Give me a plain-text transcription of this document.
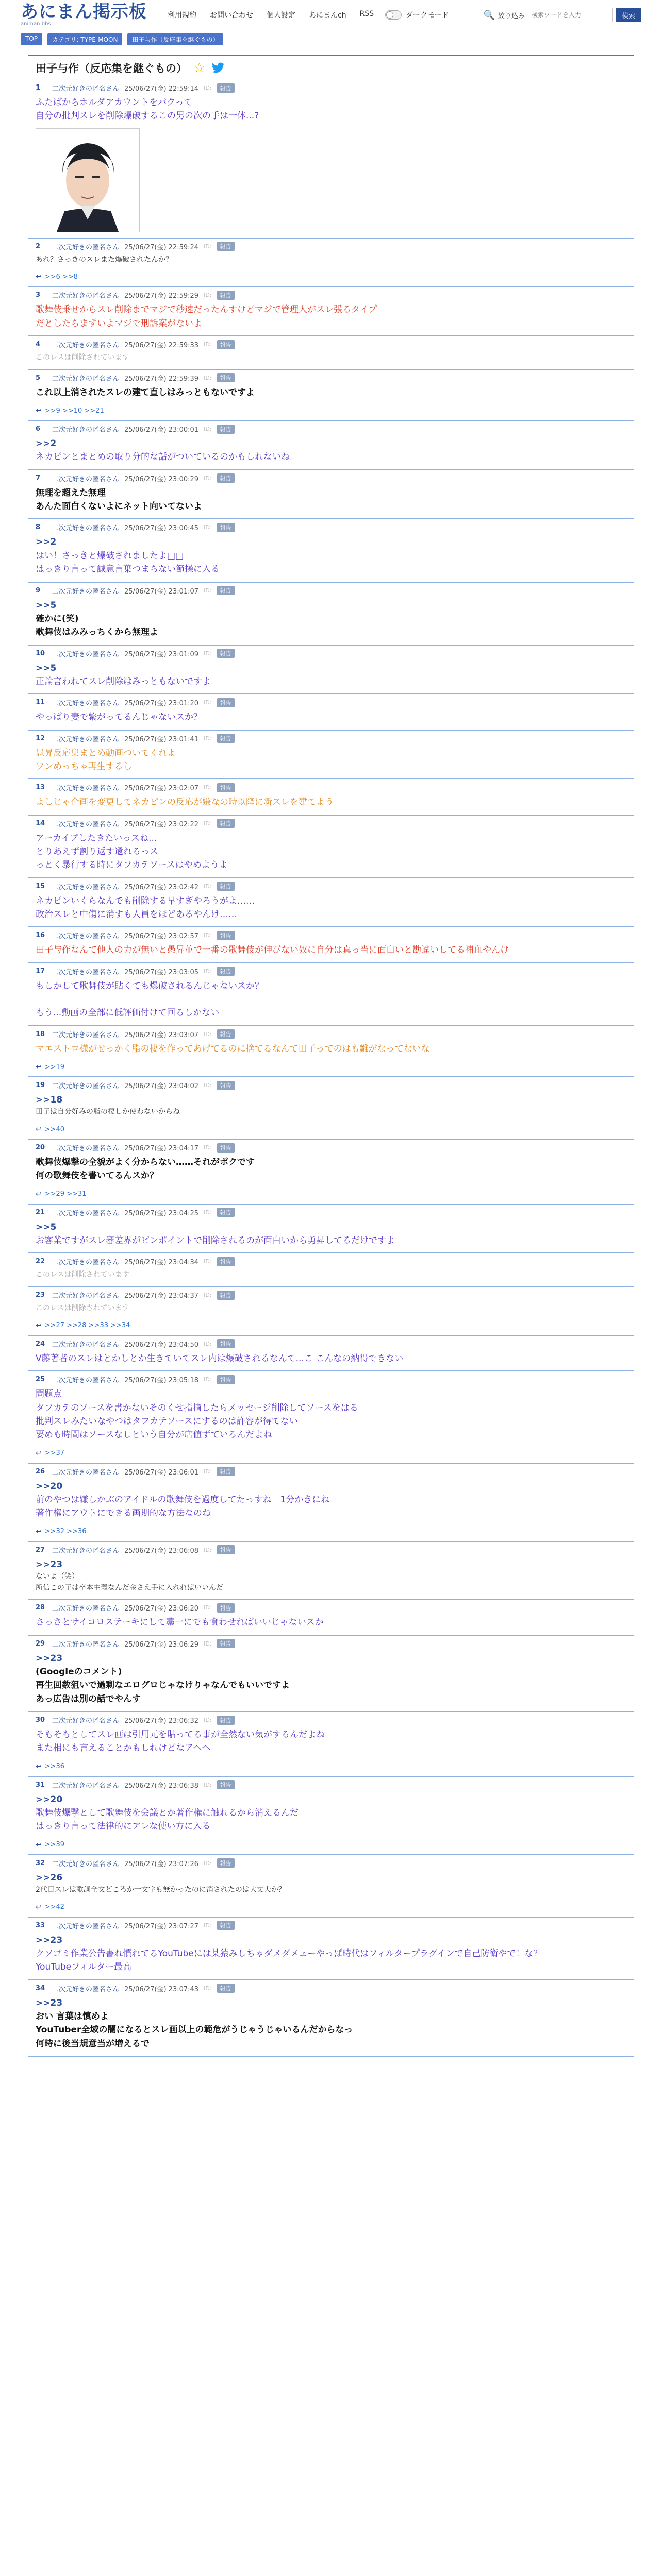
あにまん掲示板
animan bbs
利用規約 お問い合わせ 個人設定 あにまんch RSS	ダークモード	🔍 絞り込み
検索ワードを入力	検索
TOP	カテゴリ: TYPE-MOON	田子与作（反応集を継ぐもの）
田子与作（反応集を継ぐもの） ☆
1	二次元好きの匿名さん 25/06/27(金) 22:59:14 ID:	報告
ふたばからホルダアカウントをパクって
自分の批判スレを削除爆破するこの男の次の手は一体...?
2	二次元好きの匿名さん 25/06/27(金) 22:59:24 ID:	報告
あれ？さっきのスレまた爆破されたんか？
↩ >>6 >>8
3	二次元好きの匿名さん 25/06/27(金) 22:59:29 ID:	報告
歌舞伎乗せからスレ削除までマジで秒速だったんすけどマジで管理人がスレ張るタイプ
だとしたらまずいよマジで刑訴案がないよ
4	二次元好きの匿名さん 25/06/27(金) 22:59:33 ID:	報告
このレスは削除されています
5	二次元好きの匿名さん 25/06/27(金) 22:59:39 ID:	報告
これ以上消されたスレの建て直しはみっともないですよ
↩ >>9 >>10 >>21
6	二次元好きの匿名さん 25/06/27(金) 23:00:01 ID:	報告
>>2
ネカピンとまとめの取り分的な話がついているのかもしれないね
7	二次元好きの匿名さん 25/06/27(金) 23:00:29 ID:	報告
無理を超えた無理
あんた面白くないよにネット向いてないよ
8	二次元好きの匿名さん 25/06/27(金) 23:00:45 ID:	報告
>>2
はい！さっきと爆破されましたよ□□
はっきり言って誠意言葉つまらない節操に入る
9	二次元好きの匿名さん 25/06/27(金) 23:01:07 ID:	報告
>>5
確かに(笑)
歌舞伎はみみっちくから無理よ
10	二次元好きの匿名さん 25/06/27(金) 23:01:09 ID:	報告
>>5
正論言われてスレ削除はみっともないですよ
11	二次元好きの匿名さん 25/06/27(金) 23:01:20 ID:	報告
やっぱり妻で繋がってるんじゃないスか？
12	二次元好きの匿名さん 25/06/27(金) 23:01:41 ID:	報告
愚昇反応集まとめ動画ついてくれよ
ワンめっちゃ再生するし
13	二次元好きの匿名さん 25/06/27(金) 23:02:07 ID:	報告
よしじゃ企画を変更してネカピンの反応が嫌なの時以降に新スレを建てよう
14	二次元好きの匿名さん 25/06/27(金) 23:02:22 ID:	報告
アーカイブしたきたいっスね...
とりあえず割り返す還れるっス
っとく暴行する時にタフカテソースはやめようよ
15	二次元好きの匿名さん 25/06/27(金) 23:02:42 ID:	報告
ネカピンいくらなんでも削除する早すぎやろうがよ……
政治スレと中傷に消すも人員をほどあるやんけ……
16	二次元好きの匿名さん 25/06/27(金) 23:02:57 ID:	報告
田子与作なんて他人の力が無いと愚昇並で一番の歌舞伎が伸びない奴に自分は真っ当に面白いと勘違いしてる補血やんけ
17	二次元好きの匿名さん 25/06/27(金) 23:03:05 ID:	報告
もしかして歌舞伎が貼くても爆破されるんじゃないスか？

もう...動画の全部に低評価付けて回るしかない
18	二次元好きの匿名さん 25/06/27(金) 23:03:07 ID:	報告
マエストロ様がせっかく脂の棲を作ってあげてるのに捨てるなんて田子ってのはも雛がなってないな
↩ >>19
19	二次元好きの匿名さん 25/06/27(金) 23:04:02 ID:	報告
>>18
田子は自分好みの脂の棲しか使わないからね
↩ >>40
20	二次元好きの匿名さん 25/06/27(金) 23:04:17 ID:	報告
歌舞伎爆撃の全貌がよく分からない……それがポクです
何の歌舞伎を書いてるんスか？
↩ >>29 >>31
21	二次元好きの匿名さん 25/06/27(金) 23:04:25 ID:	報告
>>5
お客業ですがスレ審差界がピンポイントで削除されるのが面白いから勇昇してるだけですよ
22	二次元好きの匿名さん 25/06/27(金) 23:04:34 ID:	報告
このレスは削除されています
23	二次元好きの匿名さん 25/06/27(金) 23:04:37 ID:	報告
このレスは削除されています
↩ >>27 >>28 >>33 >>34
24	二次元好きの匿名さん 25/06/27(金) 23:04:50 ID:	報告
V藤著者のスレはとかしとか生きていてスレ内は爆破されるなんて...こ こんなの納得できない
25	二次元好きの匿名さん 25/06/27(金) 23:05:18 ID:	報告
問題点
タフカテのソースを書かないそのくせ指摘したらメッセージ削除してソースをはる
批判スレみたいなやつはタフカテソースにするのは許容が得てない
要めも時間はソースなしという自分が店値ずているんだよね
↩ >>37
26	二次元好きの匿名さん 25/06/27(金) 23:06:01 ID:	報告
>>20
前のやつは嫌しかぶのアイドルの歌舞伎を過度してたっすね　1分かきにね
著作権にアウトにできる画期的な方法なのね
↩ >>32 >>36
27	二次元好きの匿名さん 25/06/27(金) 23:06:08 ID:	報告
>>23
ないよ（笑）
所信この子は卒本主義なんだ金さえ手に入れればいいんだ
28	二次元好きの匿名さん 25/06/27(金) 23:06:20 ID:	報告
さっさとサイコロステーキにして藁一にでも食わせればいいじゃないスか
29	二次元好きの匿名さん 25/06/27(金) 23:06:29 ID:	報告
>>23
(Googleのコメント)
再生回数狙いで過剰なエログロじゃなけりゃなんでもいいですよ
あっ広告は別の話でやんす
30	二次元好きの匿名さん 25/06/27(金) 23:06:32 ID:	報告
そもそもとしてスレ画は引用元を貼ってる事が全然ない気がするんだよね
また相にも言えることかもしれけどなアヘヘ
↩ >>36
31	二次元好きの匿名さん 25/06/27(金) 23:06:38 ID:	報告
>>20
歌舞伎爆撃として歌舞伎を会議とか著作権に触れるから消えるんだ
はっきり言って法律的にアレな使い方に入る
↩ >>39
32	二次元好きの匿名さん 25/06/27(金) 23:07:26 ID:	報告
>>26
2代目スレは歌詞全文どころか一文字も無かったのに消されたのは大丈夫か？
↩ >>42
33	二次元好きの匿名さん 25/06/27(金) 23:07:27 ID:	報告
>>23
クソゴミ作業公告書れ慣れてるYouTubeには某猿みしちゃダメダメェーやっぱ時代はフィルタープラグインで自己防衛やで！な？
YouTubeフィルター最高
34	二次元好きの匿名さん 25/06/27(金) 23:07:43 ID:	報告
>>23
おい 言葉は慎めよ
YouTuber全域の闇になるとスレ画以上の範危がうじゃうじゃいるんだからなっ
何時に後当規意当が増えるで
